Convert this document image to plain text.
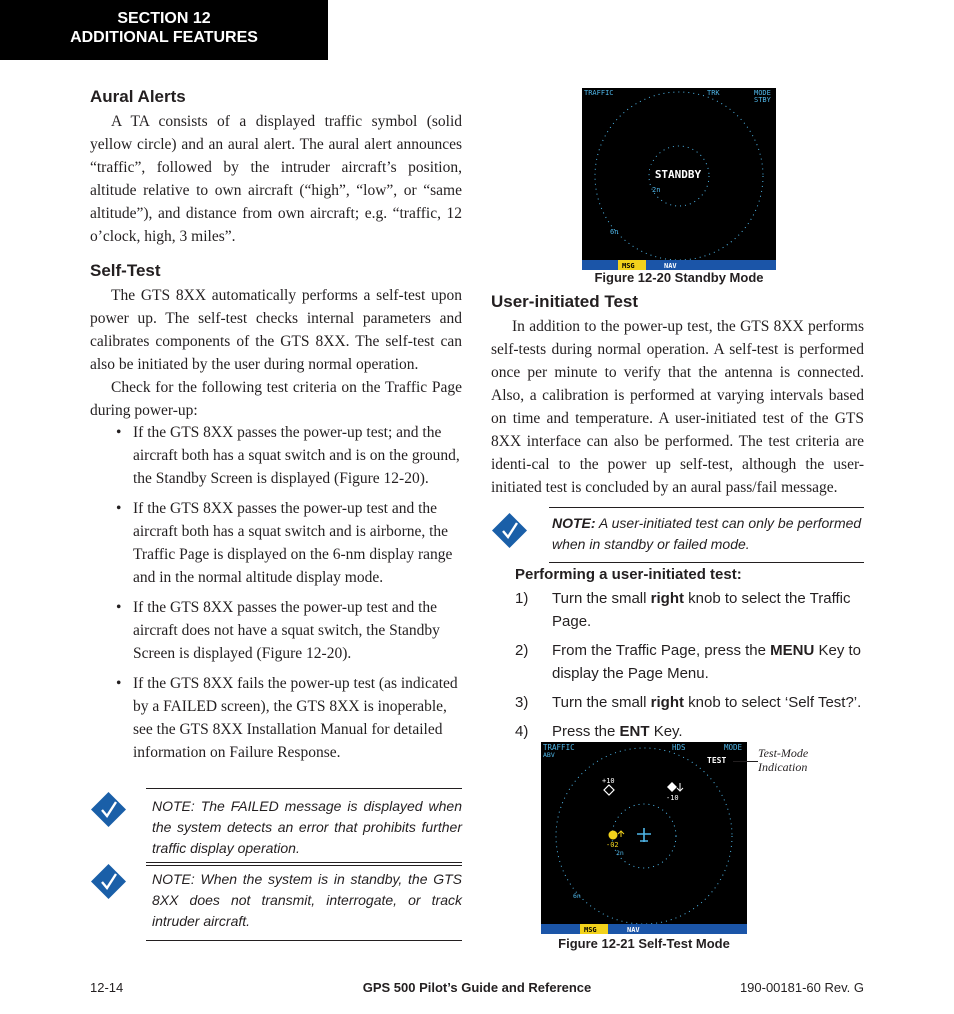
SECTION 12
ADDITIONAL FEATURES
Aural Alerts

A TA consists of a displayed traffic symbol (solid yellow circle) and an aural alert. The aural alert announces “traffic”, followed by the intruder aircraft’s position, altitude relative to own aircraft (“high”, “low”, or “same altitude”), and distance from own aircraft; e.g. “traffic, 12 o’clock, high, 3 miles”.

Self-Test

The GTS 8XX automatically performs a self-test upon power up. The self-test checks internal parameters and calibrates components of the GTS 8XX. The self-test can also be initiated by the user during normal operation.

Check for the following test criteria on the Traffic Page during power-up:

• If the GTS 8XX passes the power-up test; and the aircraft both has a squat switch and is on the ground, the Standby Screen is displayed (Figure 12-20).
• If the GTS 8XX passes the power-up test and the aircraft both has a squat switch and is airborne, the Traffic Page is displayed on the 6-nm display range and in the normal altitude display mode.
• If the GTS 8XX passes the power-up test and the aircraft does not have a squat switch, the Standby Screen is displayed (Figure 12-20).
• If the GTS 8XX fails the power-up test (as indicated by a FAILED screen), the GTS 8XX is inoperable, see the GTS 8XX Installation Manual for detailed information on Failure Response.
NOTE: The FAILED message is displayed when the system detects an error that prohibits further traffic display operation.
NOTE: When the system is in standby, the GTS 8XX does not transmit, interrogate, or track intruder aircraft.
TRAFFIC	TRK	MODE
STBY
STANDBY
2n
6n
MSG	NAV
Figure 12-20 Standby Mode
User-initiated Test

In addition to the power-up test, the GTS 8XX performs self-tests during normal operation. A self-test is performed once per minute to verify that the antenna is connected. Also, a calibration is performed at varying intervals based on time and temperature. A user-initiated test of the GTS 8XX interface can also be performed. The test criteria are identi-cal to the power up self-test, although the user-initiated test is concluded by an aural pass/fail message.

NOTE: A user-initiated test can only be performed when in standby or failed mode.
Performing a user-initiated test:
1) Turn the small right knob to select the Traffic Page.
2) From the Traffic Page, press the MENU Key to display the Page Menu.
3) Turn the small right knob to select ‘Self Test?’.
4) Press the ENT Key.
TRAFFIC
ABV
HDS	MODE
TEST
+10
-10
-02
2n
6n
MSG	NAV
Test-Mode
Indication
Figure 12-21 Self-Test Mode
12-14	GPS 500 Pilot’s Guide and Reference	190-00181-60 Rev. G
